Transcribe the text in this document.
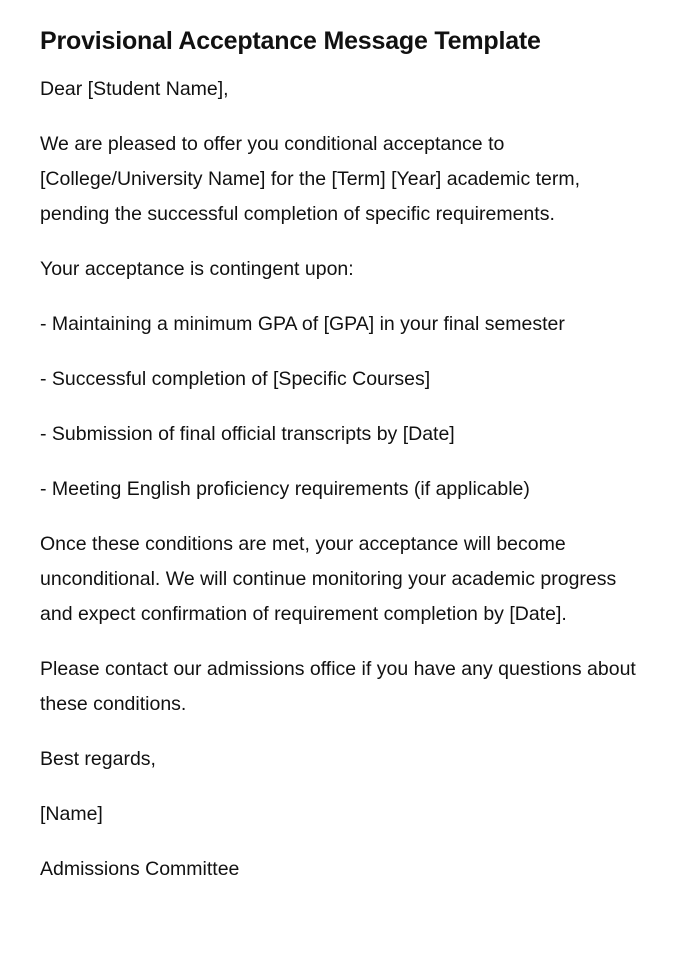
Provisional Acceptance Message Template

Dear [Student Name],

We are pleased to offer you conditional acceptance to [College/University Name] for the [Term] [Year] academic term, pending the successful completion of specific requirements.

Your acceptance is contingent upon:

- Maintaining a minimum GPA of [GPA] in your final semester

- Successful completion of [Specific Courses]

- Submission of final official transcripts by [Date]

- Meeting English proficiency requirements (if applicable)

Once these conditions are met, your acceptance will become unconditional. We will continue monitoring your academic progress and expect confirmation of requirement completion by [Date].

Please contact our admissions office if you have any questions about these conditions.

Best regards,

[Name]

Admissions Committee
